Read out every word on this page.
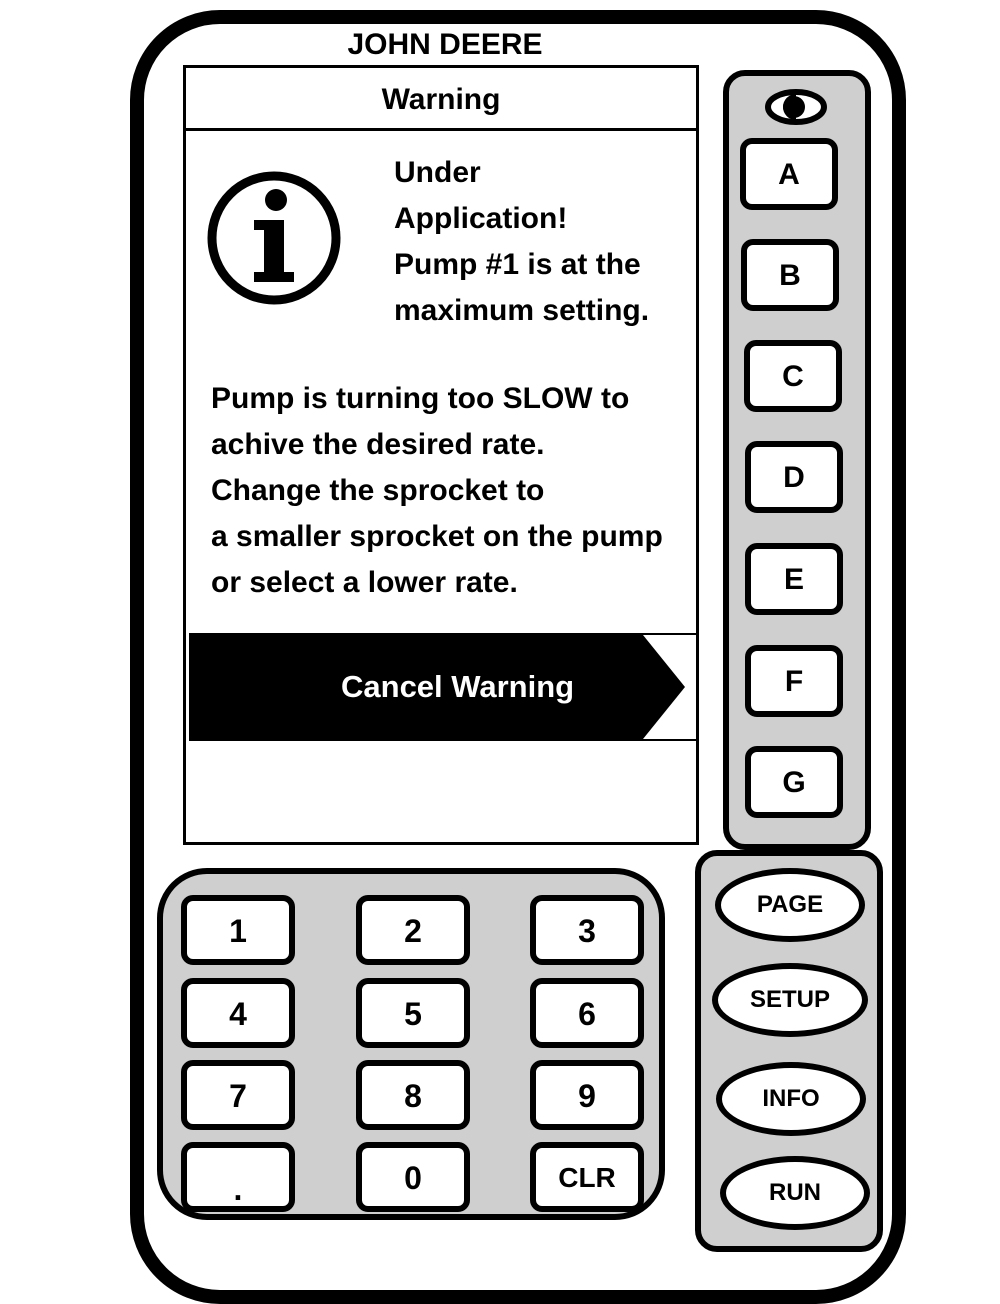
JOHN DEERE
Warning
Under
Application!
Pump #1 is at the
maximum setting.
Pump is turning too SLOW to
achive the desired rate.
Change the sprocket to
a smaller sprocket on the pump
or select a lower rate.
Cancel Warning
A
B
C
D
E
F
G
1	2	3
4	5	6
7	8	9
.	0	CLR
PAGE
SETUP
INFO
RUN
